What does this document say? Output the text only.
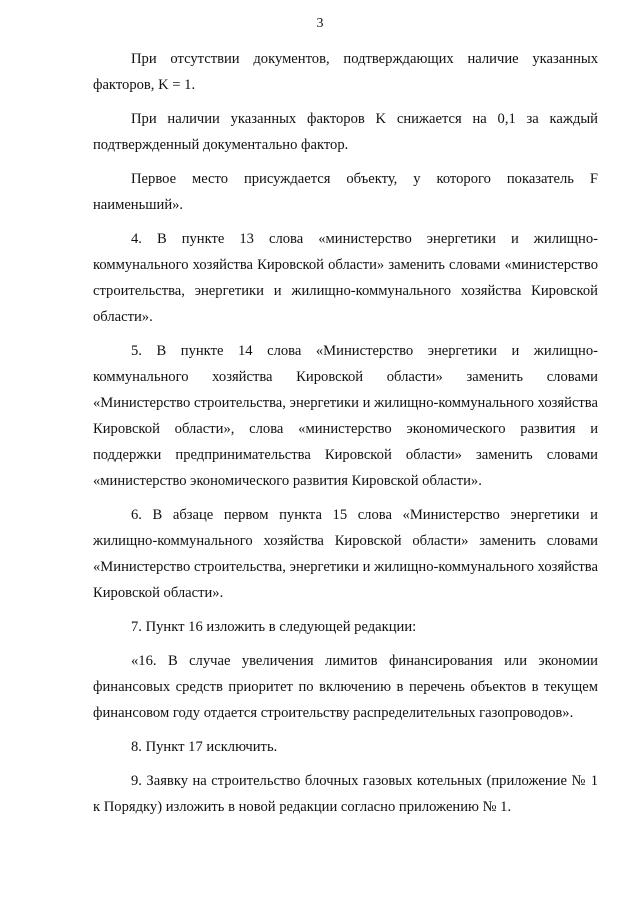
3

При отсутствии документов, подтверждающих наличие указанных факторов, K = 1.

При наличии указанных факторов K снижается на 0,1 за каждый подтвержденный документально фактор.

Первое место присуждается объекту, у которого показатель F наименьший».

4. В пункте 13 слова «министерство энергетики и жилищно-коммунального хозяйства Кировской области» заменить словами «министерство строительства, энергетики и жилищно-коммунального хозяйства Кировской области».

5. В пункте 14 слова «Министерство энергетики и жилищно-коммунального хозяйства Кировской области» заменить словами «Министерство строительства, энергетики и жилищно-коммунального хозяйства Кировской области», слова «министерство экономического развития и поддержки предпринимательства Кировской области» заменить словами «министерство экономического развития Кировской области».

6. В абзаце первом пункта 15 слова «Министерство энергетики и жилищно-коммунального хозяйства Кировской области» заменить словами «Министерство строительства, энергетики и жилищно-коммунального хозяйства Кировской области».

7. Пункт 16 изложить в следующей редакции:

«16. В случае увеличения лимитов финансирования или экономии финансовых средств приоритет по включению в перечень объектов в текущем финансовом году отдается строительству распределительных газопроводов».

8. Пункт 17 исключить.

9. Заявку на строительство блочных газовых котельных (приложение № 1 к Порядку) изложить в новой редакции согласно приложению № 1.
